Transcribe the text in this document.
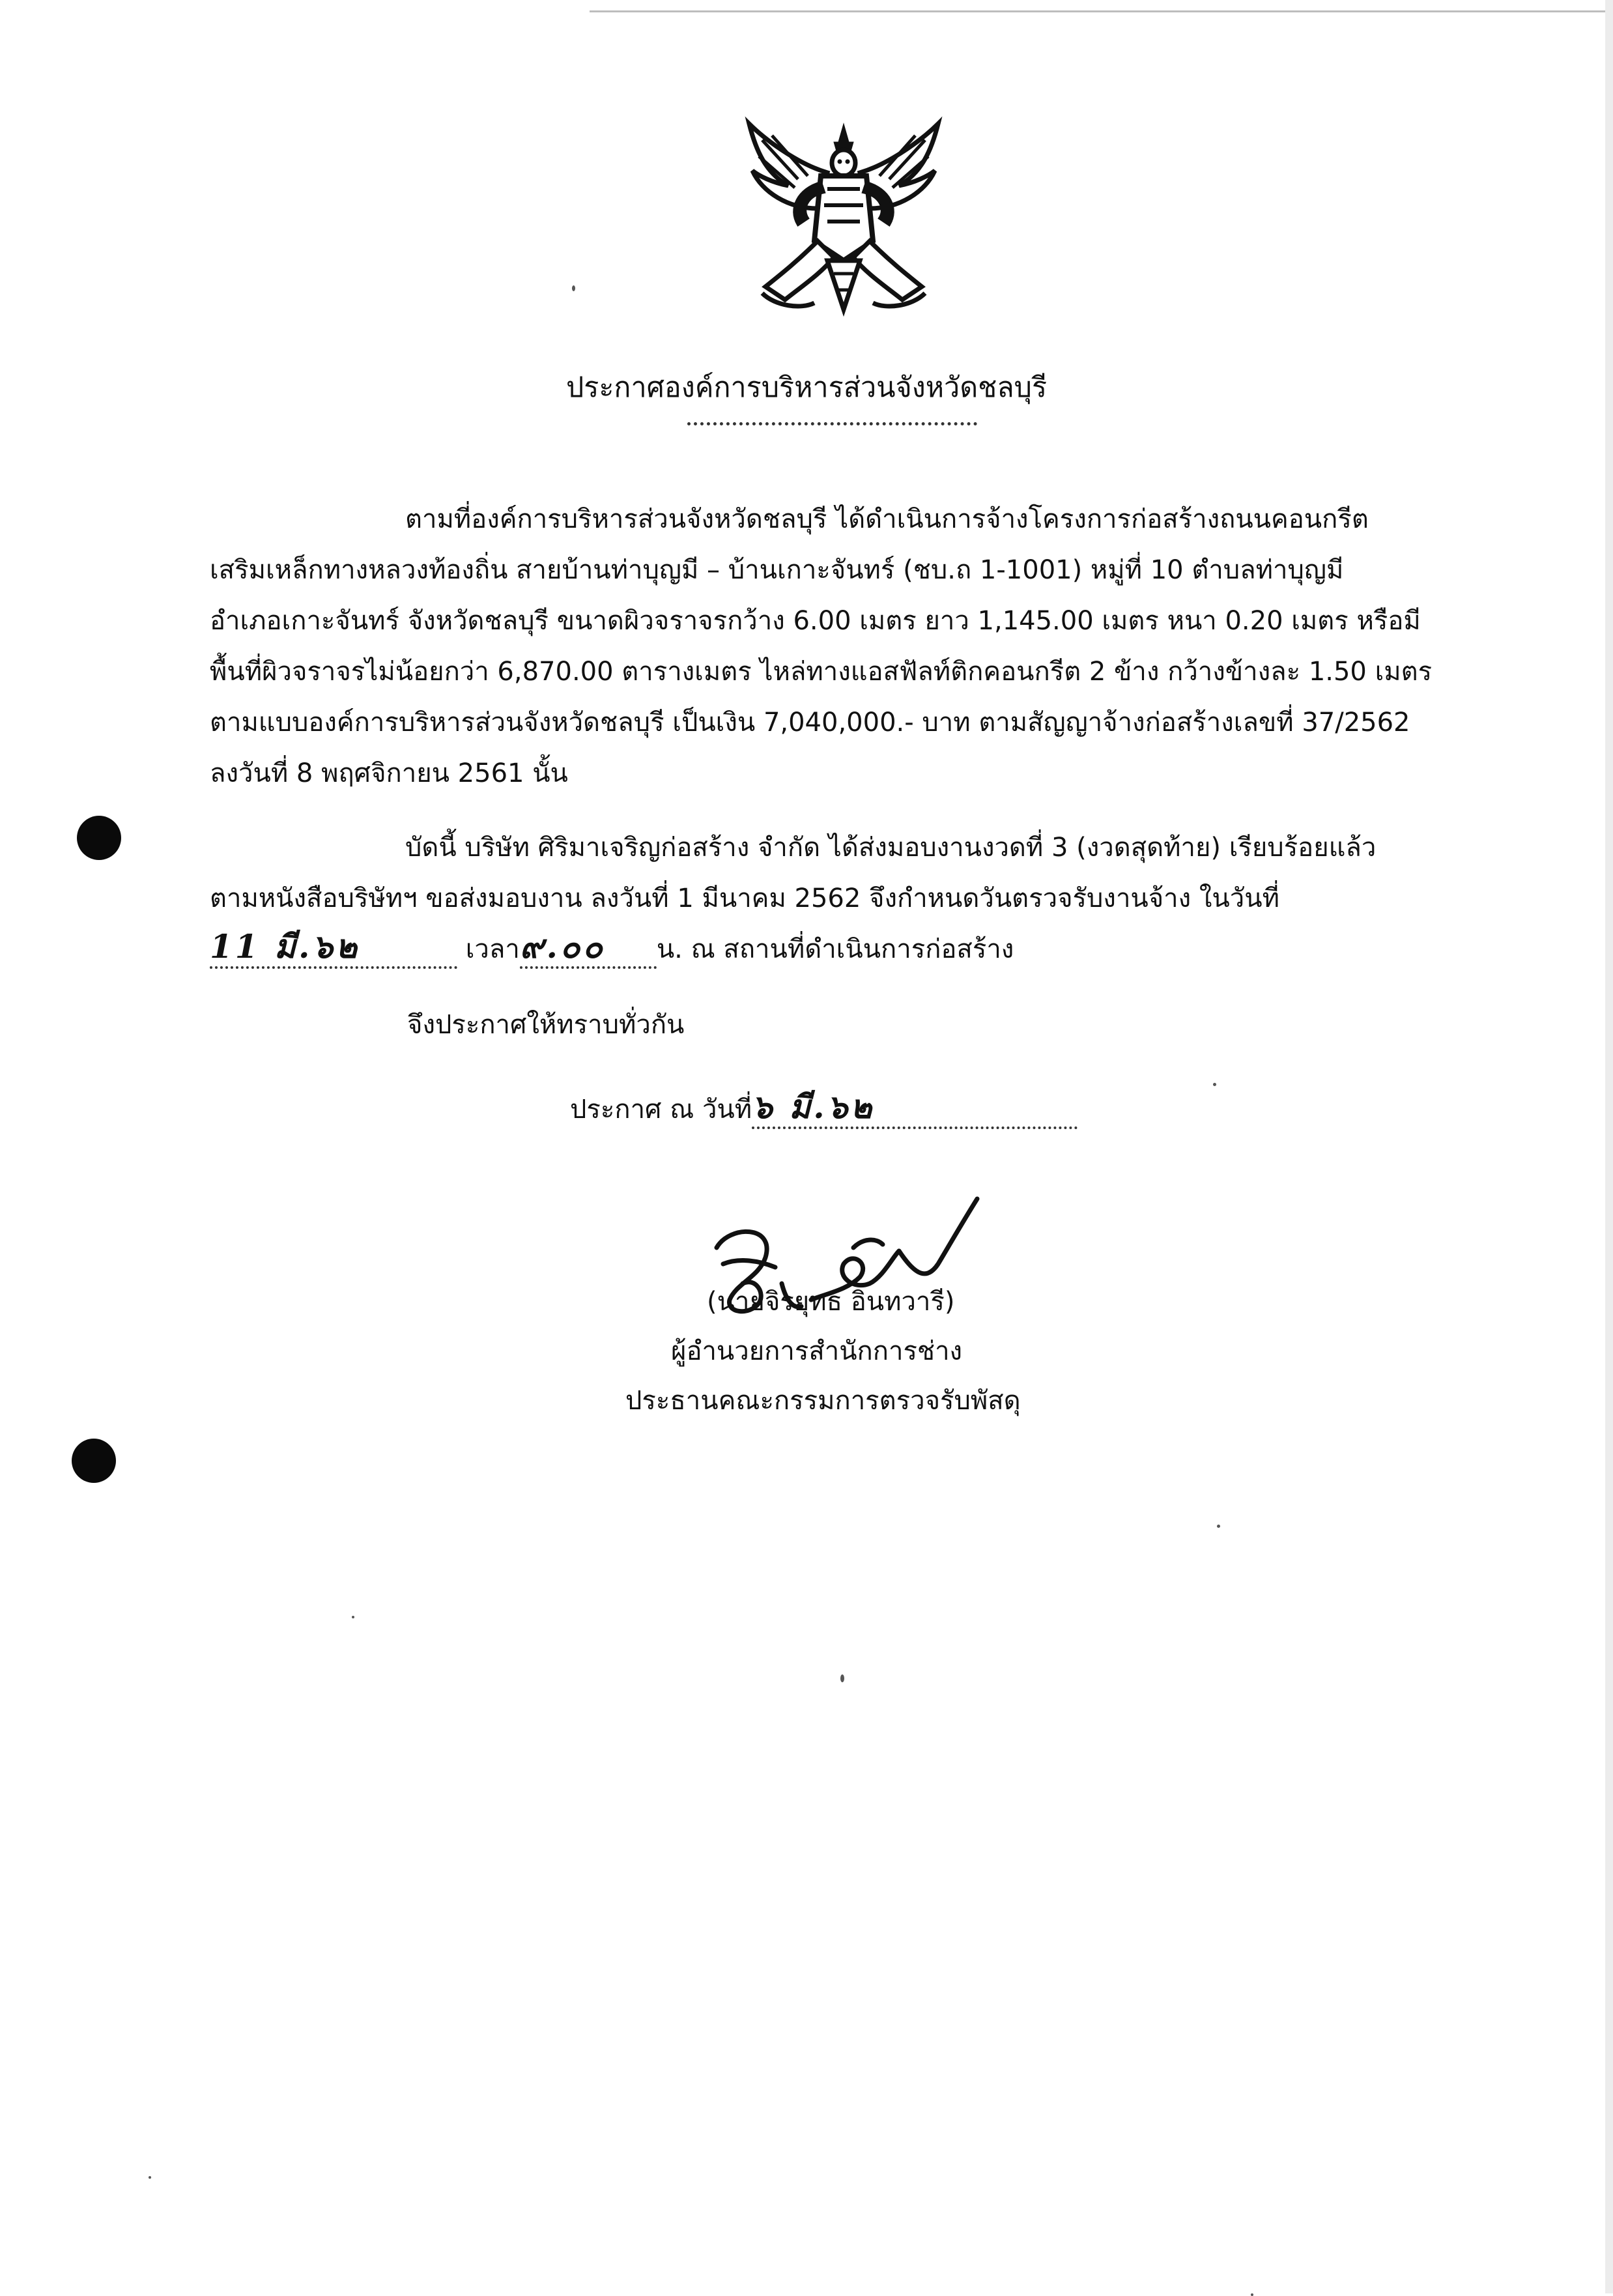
ประกาศองค์การบริหารส่วนจังหวัดชลบุรี
ตามที่องค์การบริหารส่วนจังหวัดชลบุรี ได้ดำเนินการจ้างโครงการก่อสร้างถนนคอนกรีต
เสริมเหล็กทางหลวงท้องถิ่น สายบ้านท่าบุญมี – บ้านเกาะจันทร์ (ชบ.ถ 1-1001) หมู่ที่ 10 ตำบลท่าบุญมี
อำเภอเกาะจันทร์ จังหวัดชลบุรี ขนาดผิวจราจรกว้าง 6.00 เมตร ยาว 1,145.00 เมตร หนา 0.20 เมตร หรือมี
พื้นที่ผิวจราจรไม่น้อยกว่า 6,870.00 ตารางเมตร ไหล่ทางแอสฟัลท์ติกคอนกรีต 2 ข้าง กว้างข้างละ 1.50 เมตร
ตามแบบองค์การบริหารส่วนจังหวัดชลบุรี เป็นเงิน 7,040,000.- บาท ตามสัญญาจ้างก่อสร้างเลขที่ 37/2562
ลงวันที่ 8 พฤศจิกายน 2561 นั้น
บัดนี้ บริษัท ศิริมาเจริญก่อสร้าง จำกัด ได้ส่งมอบงานงวดที่ 3 (งวดสุดท้าย) เรียบร้อยแล้ว
ตามหนังสือบริษัทฯ ขอส่งมอบงาน ลงวันที่ 1 มีนาคม 2562 จึงกำหนดวันตรวจรับงานจ้าง ในวันที่
11 มี.๖๒	เวลา๙.๐๐ น. ณ สถานที่ดำเนินการก่อสร้าง
จึงประกาศให้ทราบทั่วกัน
ประกาศ ณ วันที่๖ มี.๖๒
(นายจิรยุทธ อินทวารี)
ผู้อำนวยการสำนักการช่าง
ประธานคณะกรรมการตรวจรับพัสดุ
